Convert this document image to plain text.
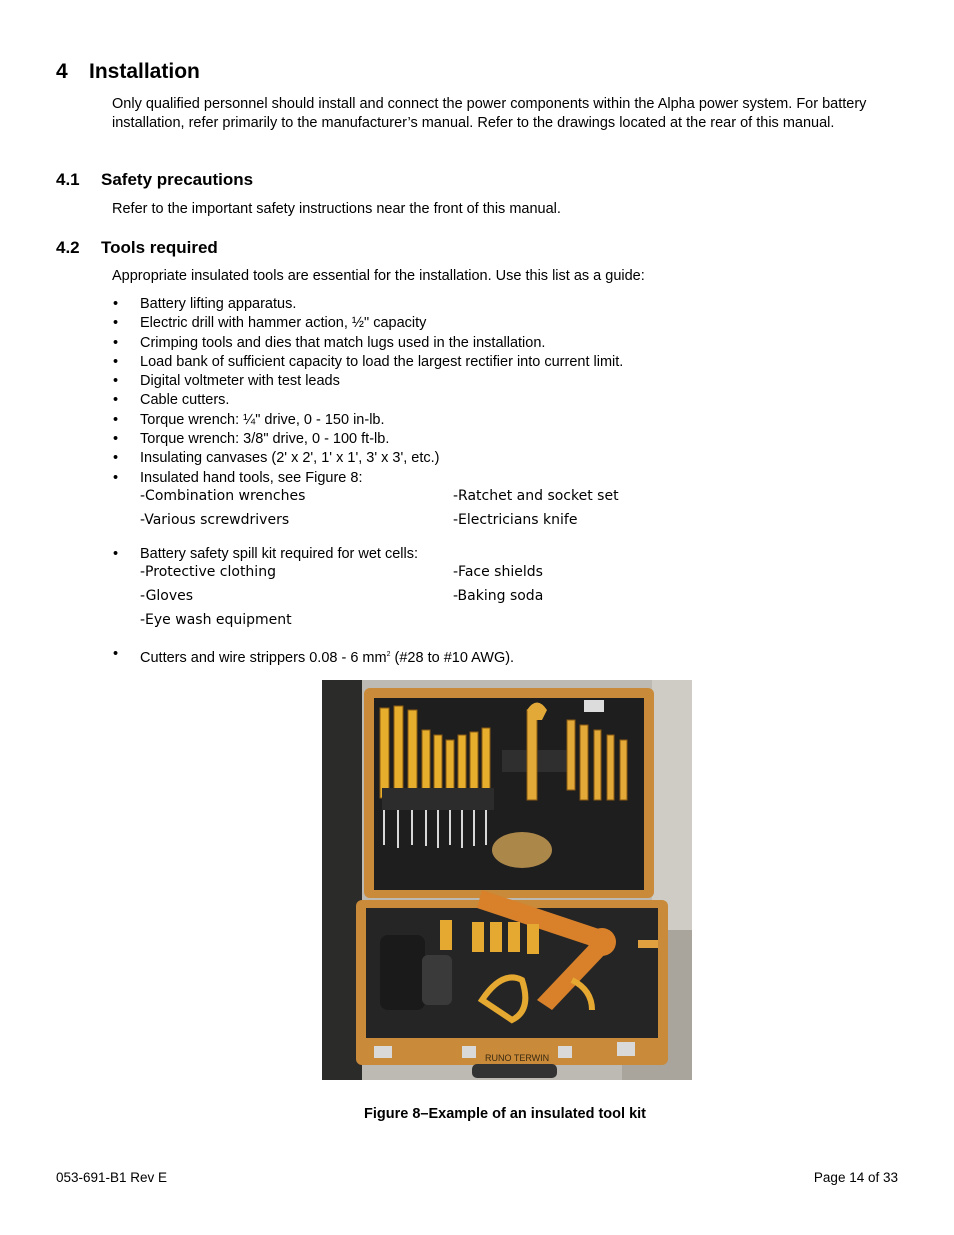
4 Installation

Only qualified personnel should install and connect the power components within the Alpha power system. For battery installation, refer primarily to the manufacturer’s manual. Refer to the drawings located at the rear of this manual.

4.1 Safety precautions

Refer to the important safety instructions near the front of this manual.

4.2 Tools required

Appropriate insulated tools are essential for the installation. Use this list as a guide:

• Battery lifting apparatus.
• Electric drill with hammer action, ½" capacity
• Crimping tools and dies that match lugs used in the installation.
• Load bank of sufficient capacity to load the largest rectifier into current limit.
• Digital voltmeter with test leads
• Cable cutters.
• Torque wrench: ¼" drive, 0 - 150 in-lb.
• Torque wrench: 3/8" drive, 0 - 100 ft-lb.
• Insulating canvases (2' x 2', 1' x 1', 3' x 3', etc.)
• Insulated hand tools, see Figure 8:
-Combination wrenches	-Ratchet and socket set
-Various screwdrivers	-Electricians knife
• Battery safety spill kit required for wet cells:
-Protective clothing	-Face shields
-Gloves	-Baking soda
-Eye wash equipment
• Cutters and wire strippers 0.08 - 6 $mm^2$ (#28 to #10 AWG).
RUNO TERWIN
Figure 8–Example of an insulated tool kit
053-691-B1 Rev E	Page 14 of 33
